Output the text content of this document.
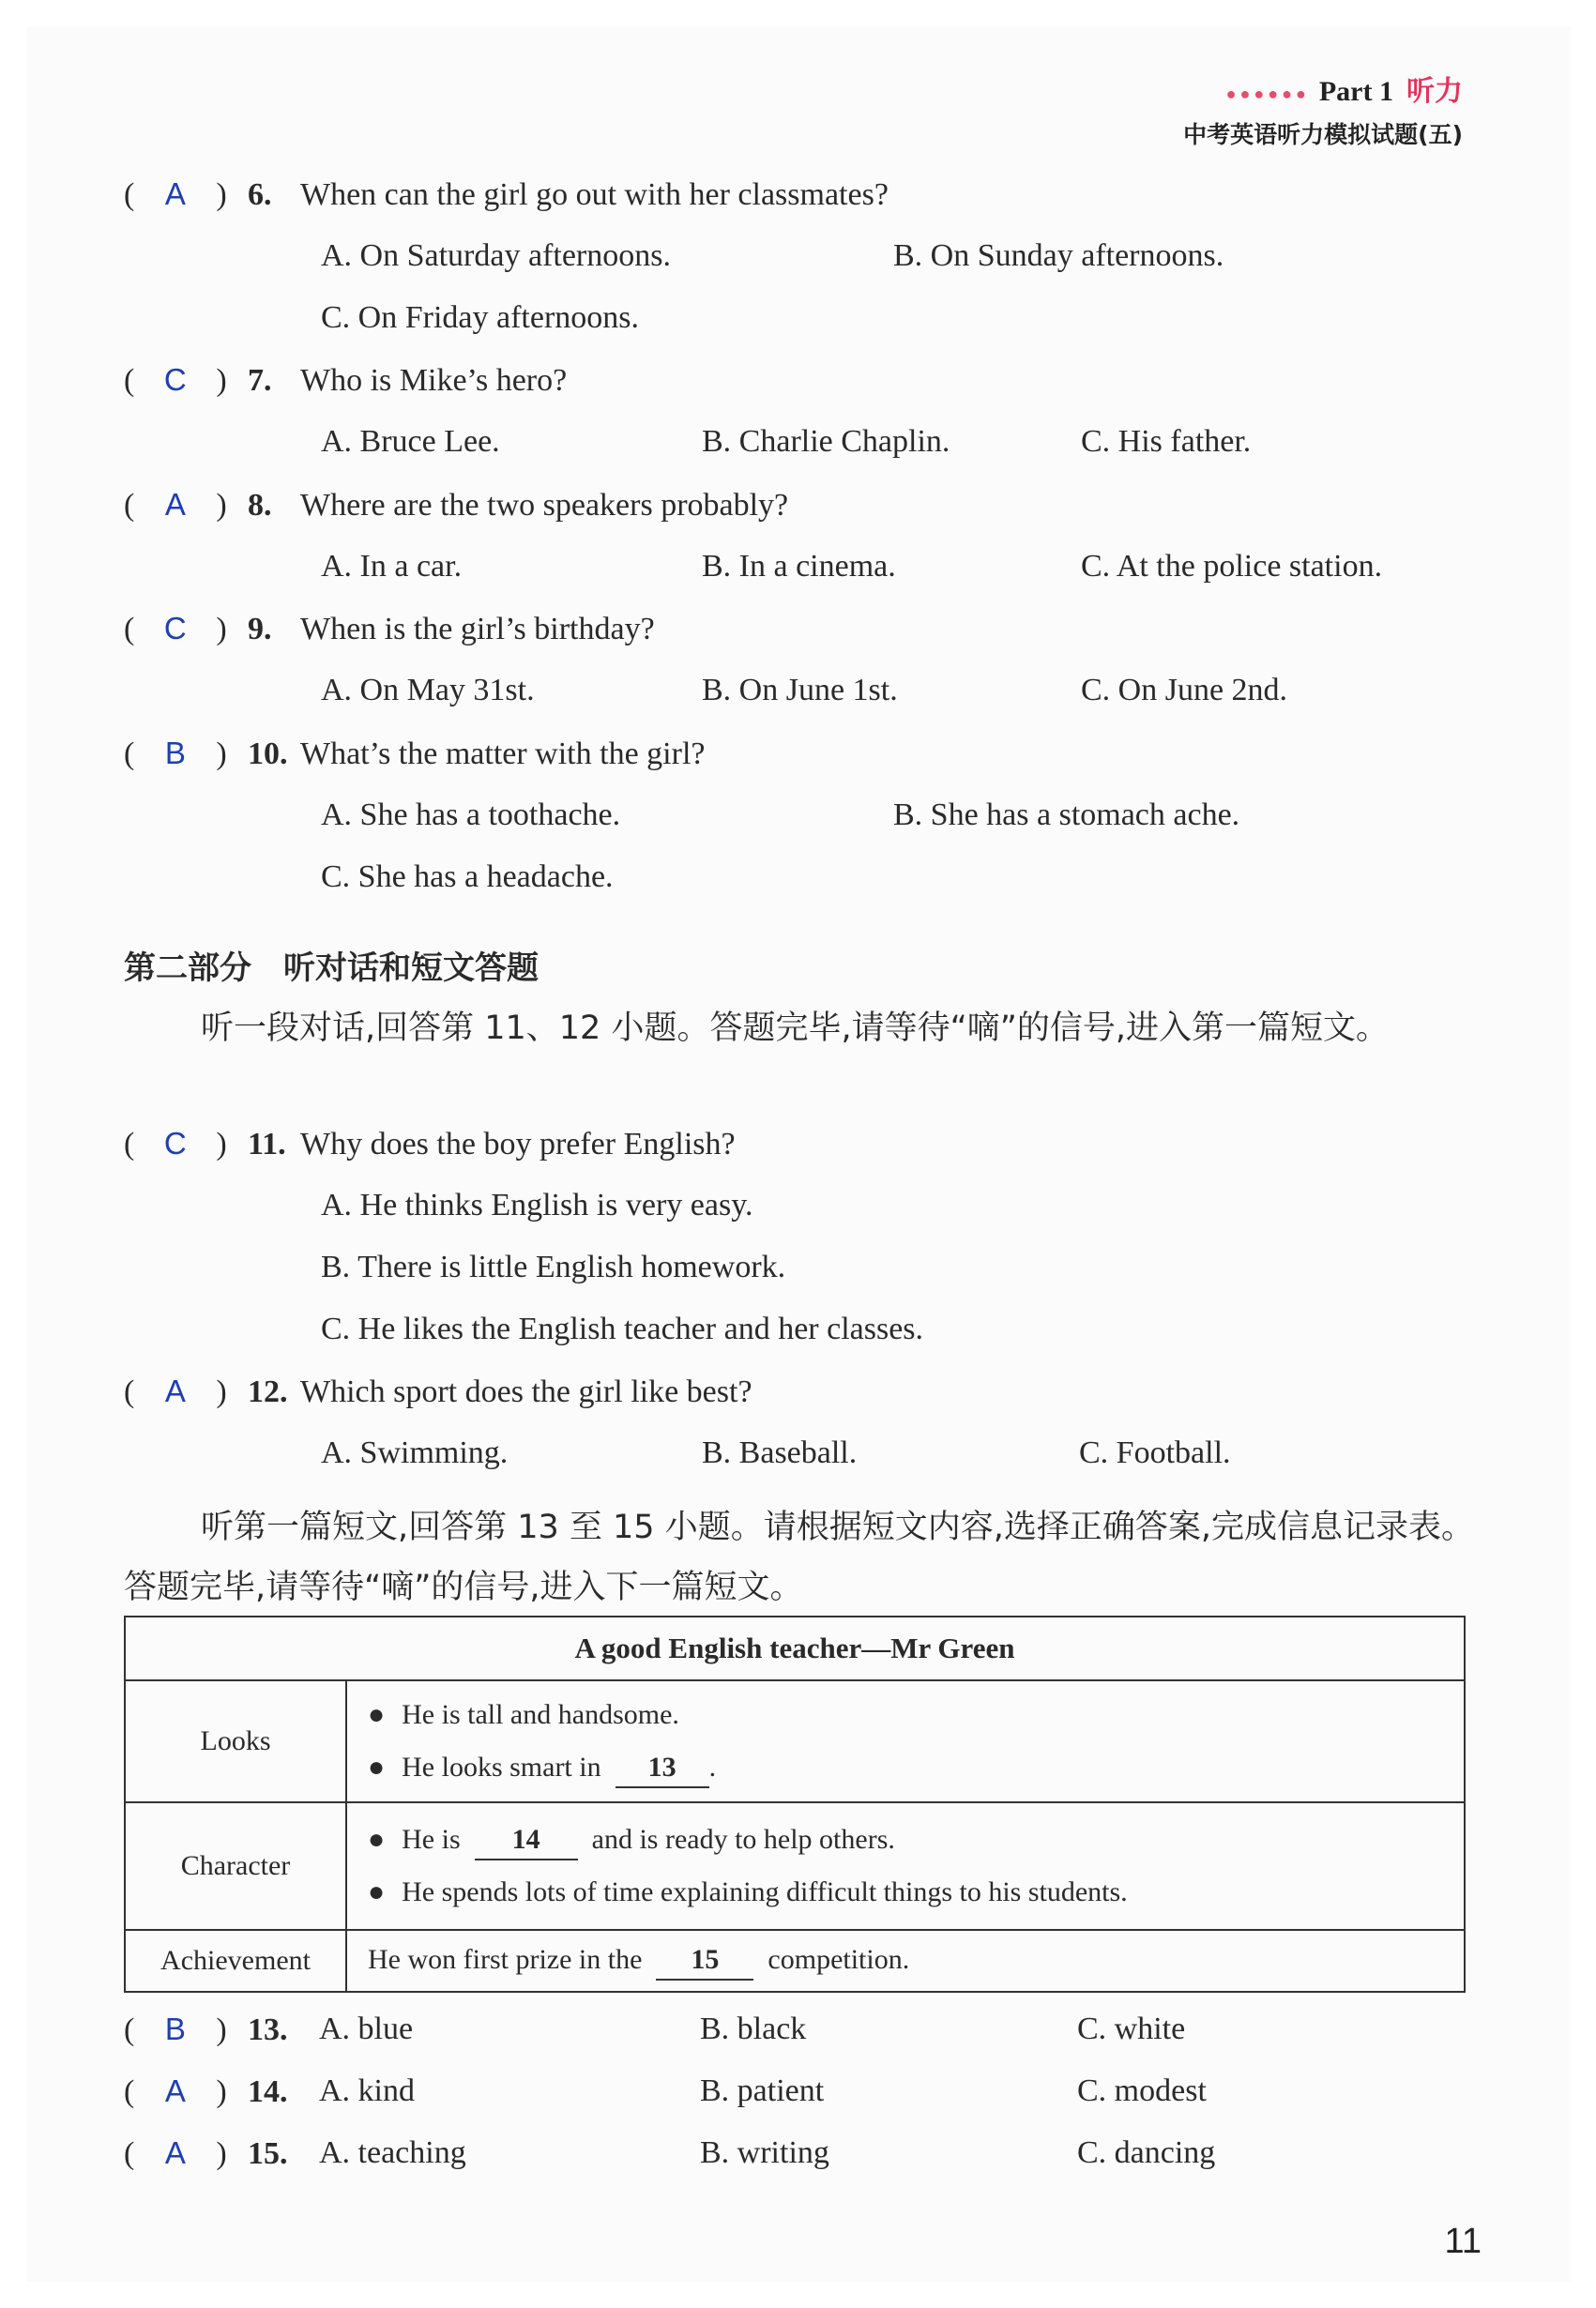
●●●●●● Part 1 听力
中考英语听力模拟试题(五)
( A ) 6. When can the girl go out with her classmates?
A. On Saturday afternoons.	B. On Sunday afternoons.
C. On Friday afternoons.
( C ) 7. Who is Mike’s hero?
A. Bruce Lee.	B. Charlie Chaplin.	C. His father.
( A ) 8. Where are the two speakers probably?
A. In a car.	B. In a cinema.	C. At the police station.
( C ) 9. When is the girl’s birthday?
A. On May 31st.	B. On June 1st.	C. On June 2nd.
( B ) 10. What’s the matter with the girl?
A. She has a toothache.	B. She has a stomach ache.
C. She has a headache.
第二部分　听对话和短文答题
听一段对话,回答第 11、12 小题。答题完毕,请等待“嘀”的信号,进入第一篇短文。
( C ) 11. Why does the boy prefer English?
A. He thinks English is very easy.
B. There is little English homework.
C. He likes the English teacher and her classes.
( A ) 12. Which sport does the girl like best?
A. Swimming.	B. Baseball.	C. Football.
听第一篇短文,回答第 13 至 15 小题。请根据短文内容,选择正确答案,完成信息记录表。答题完毕,请等待“嘀”的信号,进入下一篇短文。
A good English teacher—Mr Green	
Looks	● He is tall and handsome.
● He looks smart in 13 .

Character	● He is 14 and is ready to help others.
● He spends lots of time explaining difficult things to his students.

Achievement	He won first prize in the 15 competition.
( B ) 13. A. blue	B. black	C. white
( A ) 14. A. kind	B. patient	C. modest
( A ) 15. A. teaching	B. writing	C. dancing
11
